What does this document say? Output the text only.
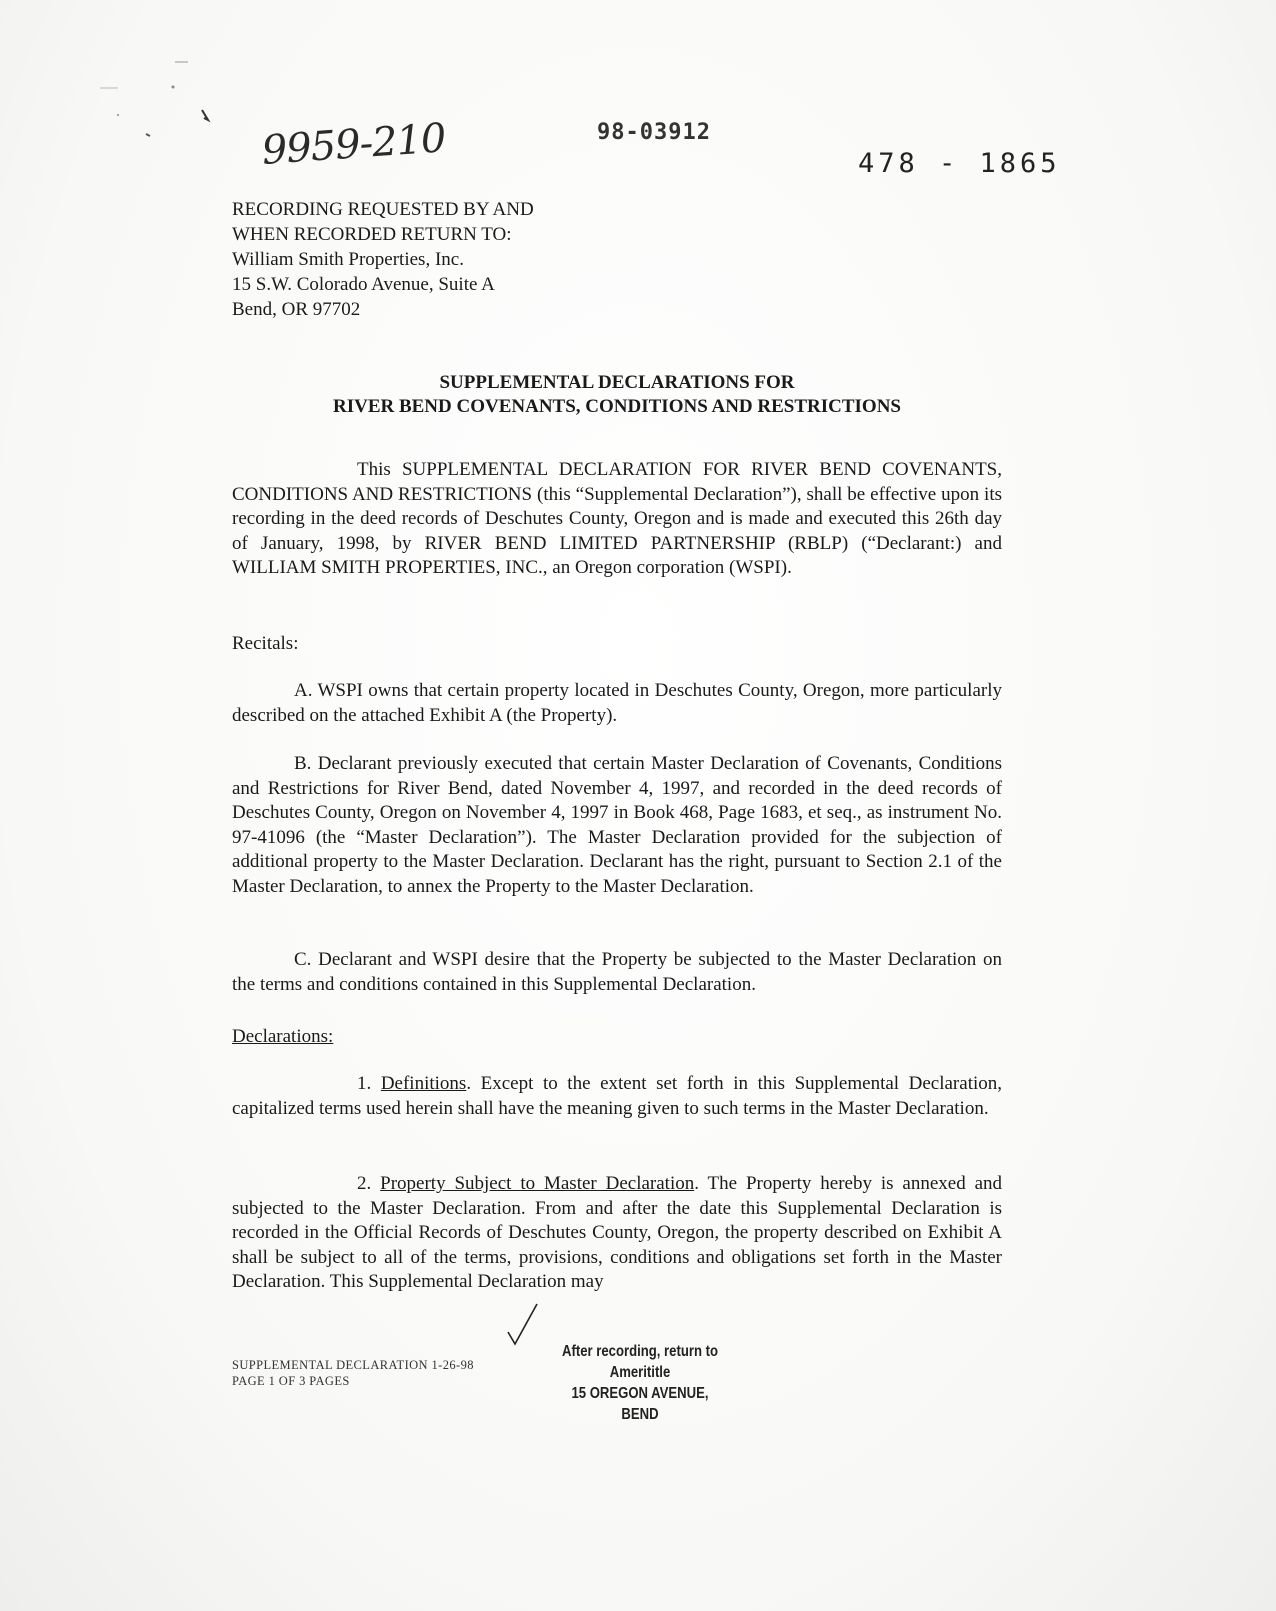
9959-210	98-03912
478 - 1865
RECORDING REQUESTED BY AND
WHEN RECORDED RETURN TO:
William Smith Properties, Inc.
15 S.W. Colorado Avenue, Suite A
Bend, OR 97702
SUPPLEMENTAL DECLARATIONS FOR
RIVER BEND COVENANTS, CONDITIONS AND RESTRICTIONS
This SUPPLEMENTAL DECLARATION FOR RIVER BEND COVENANTS, CONDITIONS AND RESTRICTIONS (this “Supplemental Declaration”), shall be effective upon its recording in the deed records of Deschutes County, Oregon and is made and executed this 26th day of January, 1998, by RIVER BEND LIMITED PARTNERSHIP (RBLP) (“Declarant:) and WILLIAM SMITH PROPERTIES, INC., an Oregon corporation (WSPI).
Recitals:
A. WSPI owns that certain property located in Deschutes County, Oregon, more particularly described on the attached Exhibit A (the Property).
B. Declarant previously executed that certain Master Declaration of Covenants, Conditions and Restrictions for River Bend, dated November 4, 1997, and recorded in the deed records of Deschutes County, Oregon on November 4, 1997 in Book 468, Page 1683, et seq., as instrument No. 97-41096 (the “Master Declaration”). The Master Declaration provided for the subjection of additional property to the Master Declaration. Declarant has the right, pursuant to Section 2.1 of the Master Declaration, to annex the Property to the Master Declaration.
C. Declarant and WSPI desire that the Property be subjected to the Master Declaration on the terms and conditions contained in this Supplemental Declaration.
Declarations:
1. Definitions. Except to the extent set forth in this Supplemental Declaration, capitalized terms used herein shall have the meaning given to such terms in the Master Declaration.
2. Property Subject to Master Declaration. The Property hereby is annexed and subjected to the Master Declaration. From and after the date this Supplemental Declaration is recorded in the Official Records of Deschutes County, Oregon, the property described on Exhibit A shall be subject to all of the terms, provisions, conditions and obligations set forth in the Master Declaration. This Supplemental Declaration may
SUPPLEMENTAL DECLARATION 1-26-98
PAGE 1 OF 3 PAGES
After recording, return to
Amerititle
15 OREGON AVENUE, BEND
